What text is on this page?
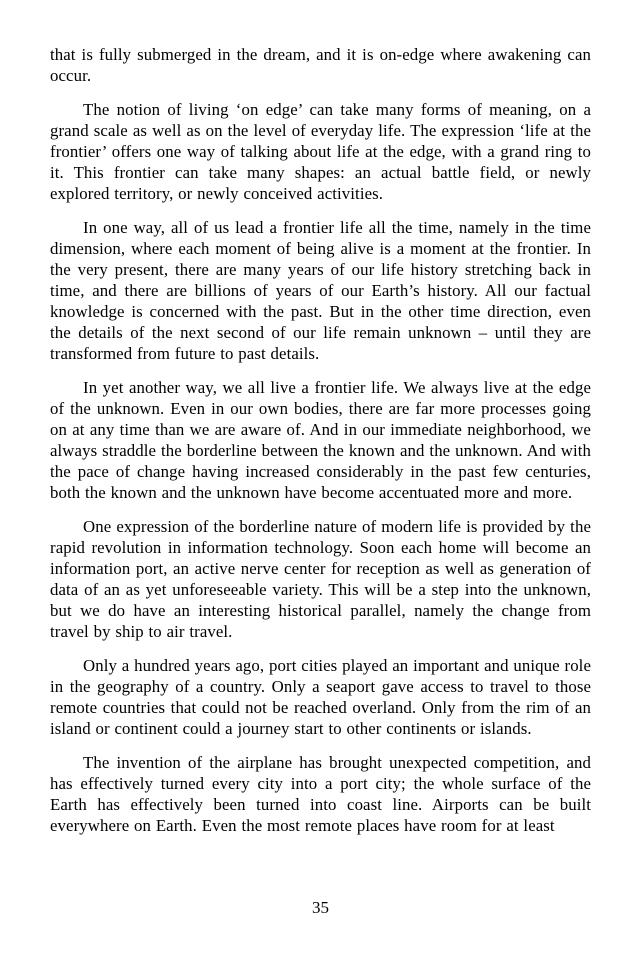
that is fully submerged in the dream, and it is on-edge where awakening can occur.

The notion of living ‘on edge’ can take many forms of meaning, on a grand scale as well as on the level of everyday life. The expression ‘life at the frontier’ offers one way of talking about life at the edge, with a grand ring to it. This frontier can take many shapes: an actual battle field, or newly explored territory, or newly conceived activities.

In one way, all of us lead a frontier life all the time, namely in the time dimension, where each moment of being alive is a moment at the frontier. In the very present, there are many years of our life history stretching back in time, and there are billions of years of our Earth’s history. All our factual knowledge is concerned with the past. But in the other time direction, even the details of the next second of our life remain unknown – until they are transformed from future to past details.

In yet another way, we all live a frontier life. We always live at the edge of the unknown. Even in our own bodies, there are far more processes going on at any time than we are aware of. And in our immediate neighborhood, we always straddle the borderline between the known and the unknown. And with the pace of change having increased considerably in the past few centuries, both the known and the unknown have become accentuated more and more.

One expression of the borderline nature of modern life is provided by the rapid revolution in information technology. Soon each home will become an information port, an active nerve center for reception as well as generation of data of an as yet unforeseeable variety. This will be a step into the unknown, but we do have an interesting historical parallel, namely the change from travel by ship to air travel.

Only a hundred years ago, port cities played an important and unique role in the geography of a country. Only a seaport gave access to travel to those remote countries that could not be reached overland. Only from the rim of an island or continent could a journey start to other continents or islands.

The invention of the airplane has brought unexpected competition, and has effectively turned every city into a port city; the whole surface of the Earth has effectively been turned into coast line. Airports can be built everywhere on Earth. Even the most remote places have room for at least

35
